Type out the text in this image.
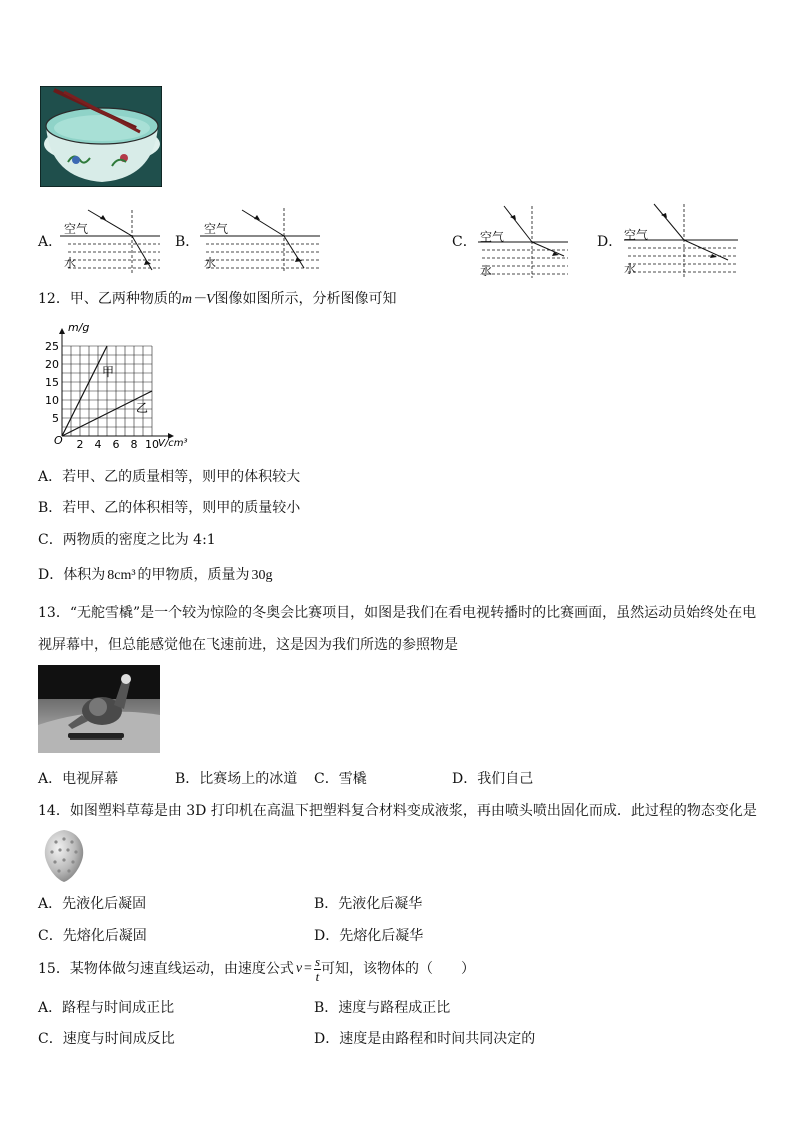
A．
空气
水
B．
空气
水
C． 空气
水
D． 空气
水
12．甲、乙两种物质的m－V图像如图所示，分析图像可知
2 4 6 8 10
5
10
15
20
25
m/g
V/cm³
O
甲
乙
A．若甲、乙的质量相等，则甲的体积较大
B．若甲、乙的体积相等，则甲的质量较小
C．两物质的密度之比为 4:1
D．体积为 8cm³ 的甲物质，质量为 30g
13．“无舵雪橇”是一个较为惊险的冬奥会比赛项目，如图是我们在看电视转播时的比赛画面，虽然运动员始终处在电
视屏幕中，但总能感觉他在飞速前进，这是因为我们所选的参照物是
A．电视屏幕	B．比赛场上的冰道 C．雪橇	D．我们自己
14．如图塑料草莓是由 3D 打印机在高温下把塑料复合材料变成液浆，再由喷头喷出固化而成．此过程的物态变化是
A．先液化后凝固	B．先液化后凝华
C．先熔化后凝固	D．先熔化后凝华
15．某物体做匀速直线运动，由速度公式 $v = \frac{s}{t}$ 可知，该物体的（　　）
A．路程与时间成正比	B．速度与路程成正比
C．速度与时间成反比	D．速度是由路程和时间共同决定的
